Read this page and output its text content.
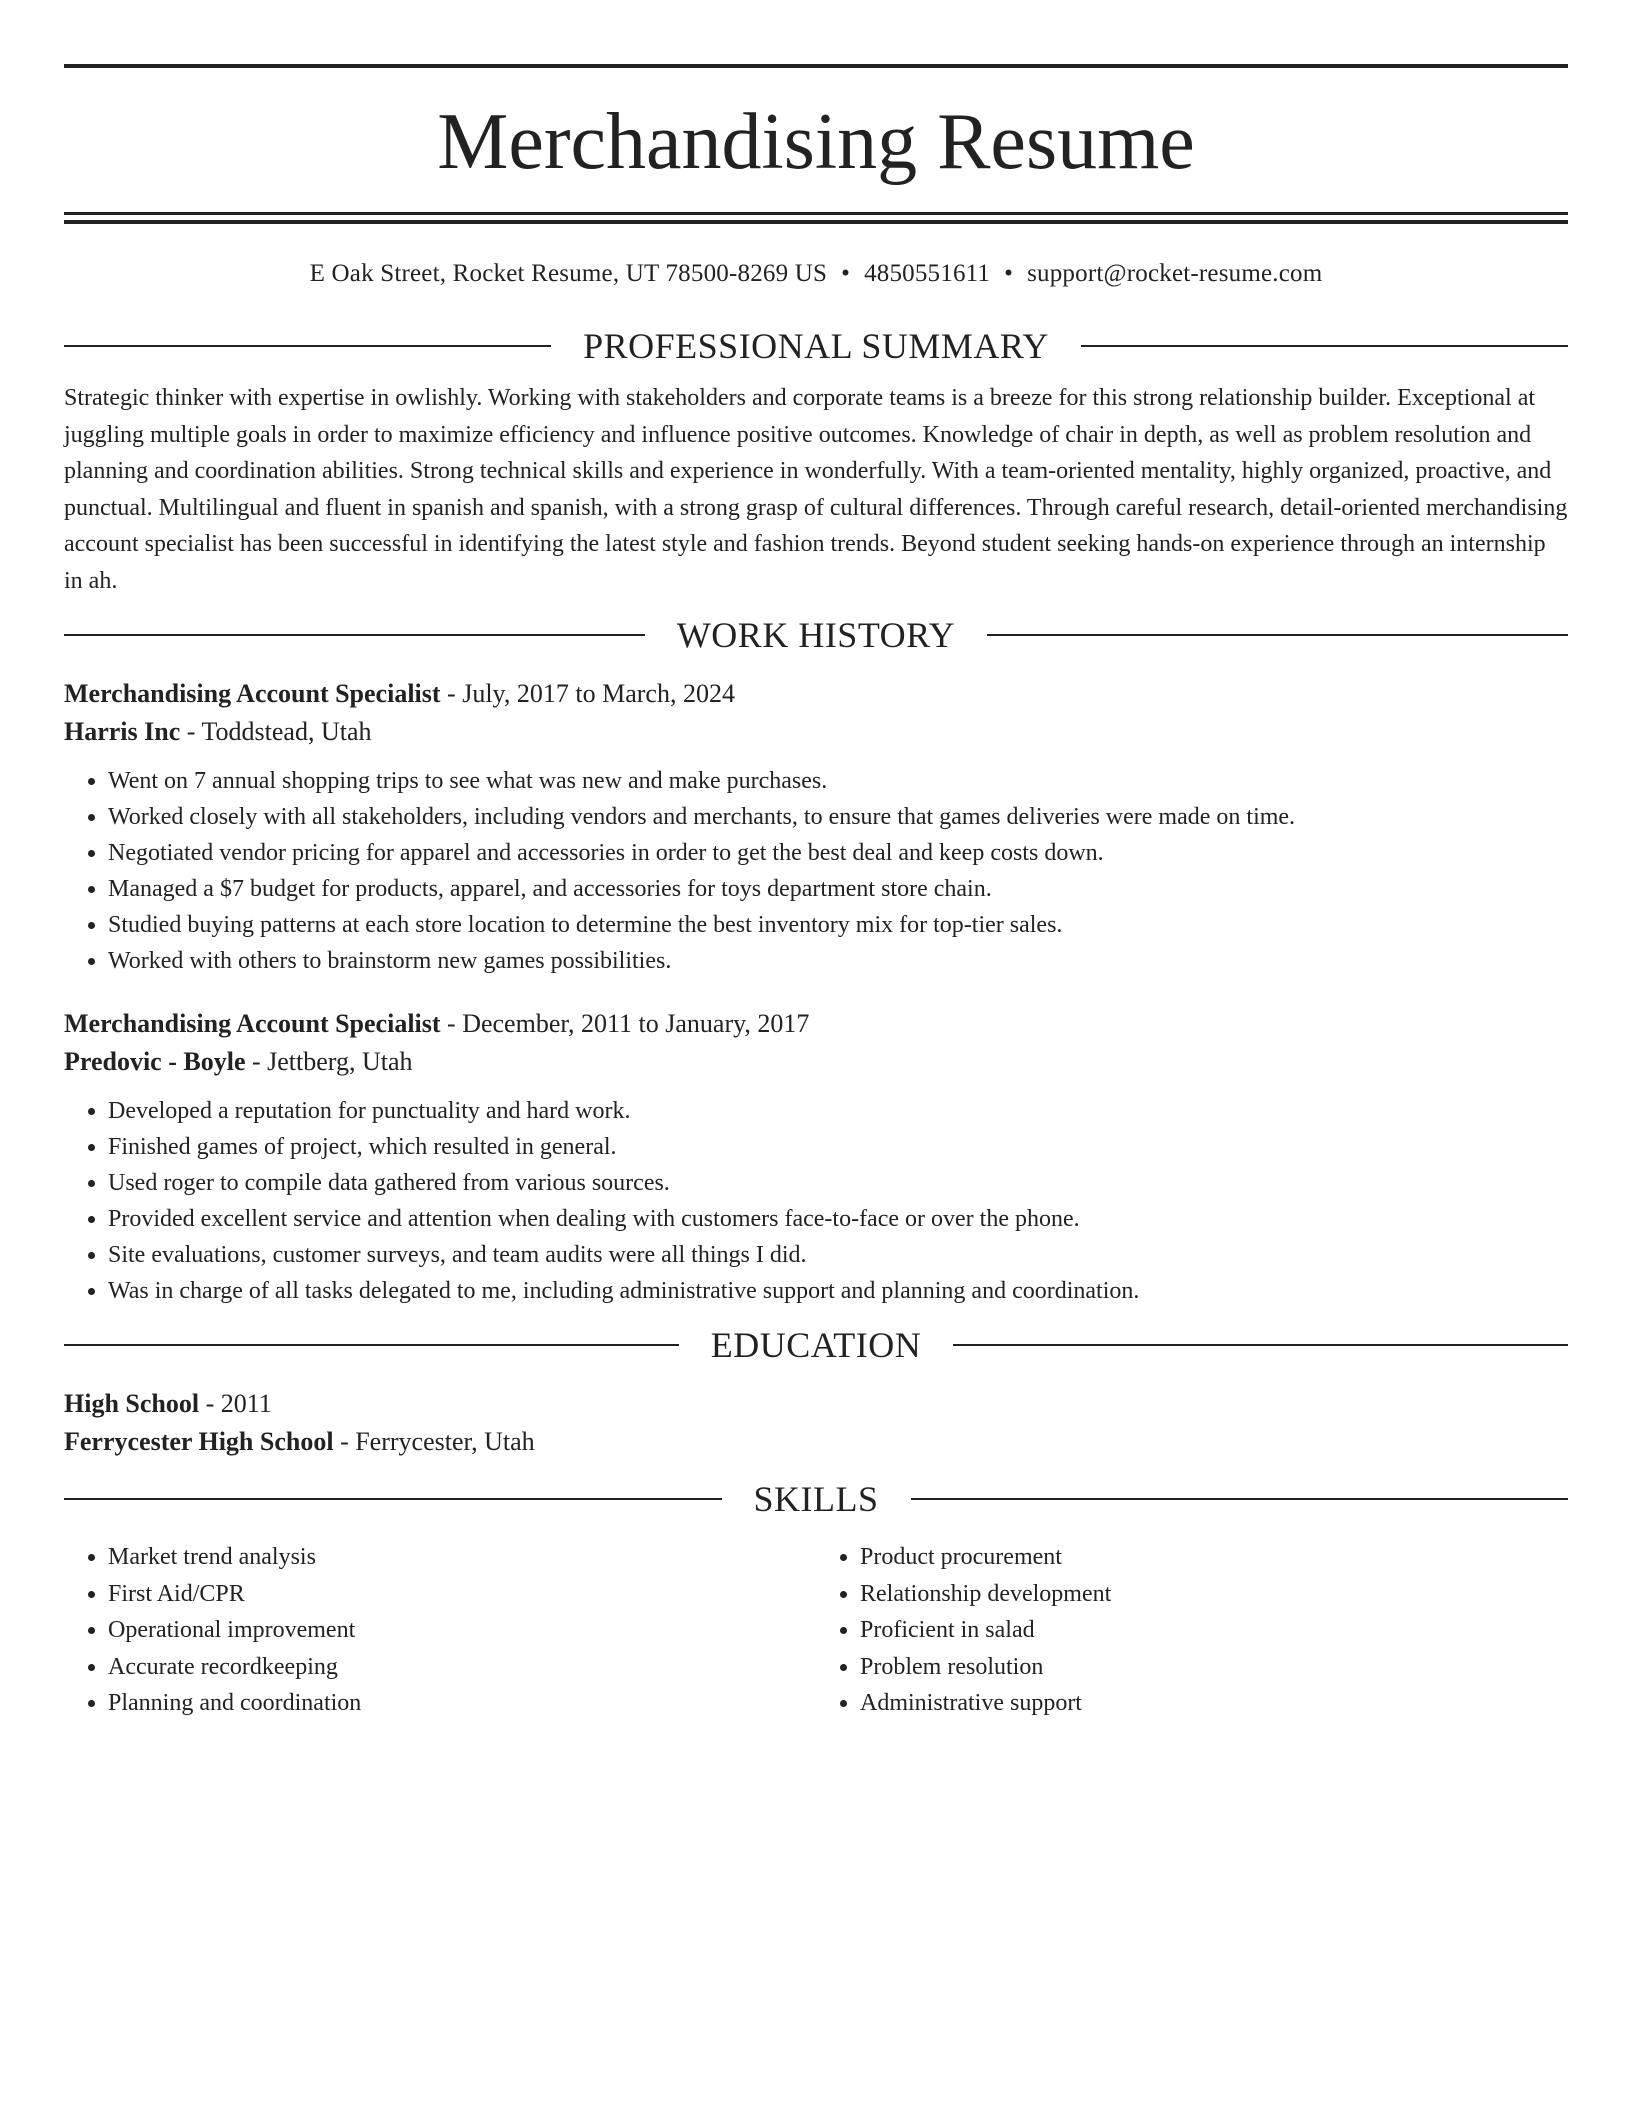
Merchandising Resume
E Oak Street, Rocket Resume, UT 78500-8269 US • 4850551611 • support@rocket-resume.com
PROFESSIONAL SUMMARY
Strategic thinker with expertise in owlishly. Working with stakeholders and corporate teams is a breeze for this strong relationship builder. Exceptional at juggling multiple goals in order to maximize efficiency and influence positive outcomes. Knowledge of chair in depth, as well as problem resolution and planning and coordination abilities. Strong technical skills and experience in wonderfully. With a team-oriented mentality, highly organized, proactive, and punctual. Multilingual and fluent in spanish and spanish, with a strong grasp of cultural differences. Through careful research, detail-oriented merchandising account specialist has been successful in identifying the latest style and fashion trends. Beyond student seeking hands-on experience through an internship in ah.
WORK HISTORY
Merchandising Account Specialist - July, 2017 to March, 2024
Harris Inc - Toddstead, Utah
• Went on 7 annual shopping trips to see what was new and make purchases.
• Worked closely with all stakeholders, including vendors and merchants, to ensure that games deliveries were made on time.
• Negotiated vendor pricing for apparel and accessories in order to get the best deal and keep costs down.
• Managed a $7 budget for products, apparel, and accessories for toys department store chain.
• Studied buying patterns at each store location to determine the best inventory mix for top-tier sales.
• Worked with others to brainstorm new games possibilities.
Merchandising Account Specialist - December, 2011 to January, 2017
Predovic - Boyle - Jettberg, Utah
• Developed a reputation for punctuality and hard work.
• Finished games of project, which resulted in general.
• Used roger to compile data gathered from various sources.
• Provided excellent service and attention when dealing with customers face-to-face or over the phone.
• Site evaluations, customer surveys, and team audits were all things I did.
• Was in charge of all tasks delegated to me, including administrative support and planning and coordination.
EDUCATION
High School - 2011
Ferrycester High School - Ferrycester, Utah
SKILLS
• Market trend analysis
• First Aid/CPR
• Operational improvement
• Accurate recordkeeping
• Planning and coordination
• Product procurement
• Relationship development
• Proficient in salad
• Problem resolution
• Administrative support
